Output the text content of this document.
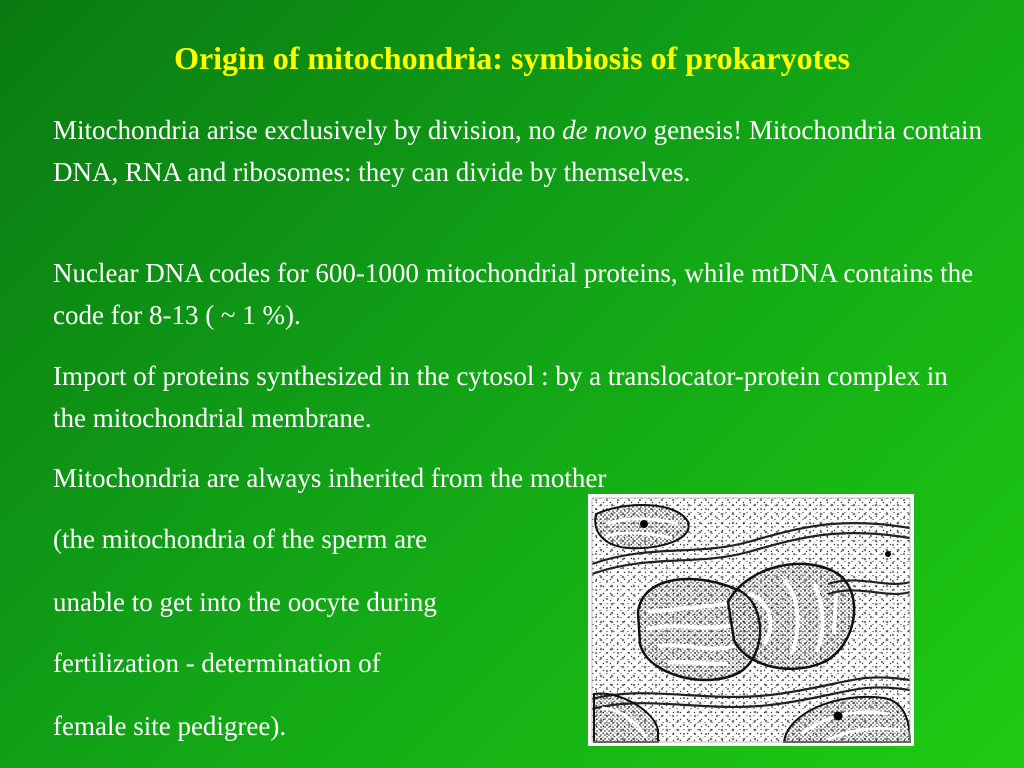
Origin of mitochondria: symbiosis of prokaryotes

Mitochondria arise exclusively by division, no de novo genesis! Mitochondria contain DNA, RNA and ribosomes: they can divide by themselves.

Nuclear DNA codes for 600-1000 mitochondrial proteins, while mtDNA contains the code for 8-13 ( ~ 1 %).

Import of proteins synthesized in the cytosol : by a translocator-protein complex in the mitochondrial membrane.

Mitochondria are always inherited from the mother

(the mitochondria of the sperm are
unable to get into the oocyte during
fertilization - determination of
female site pedigree).
